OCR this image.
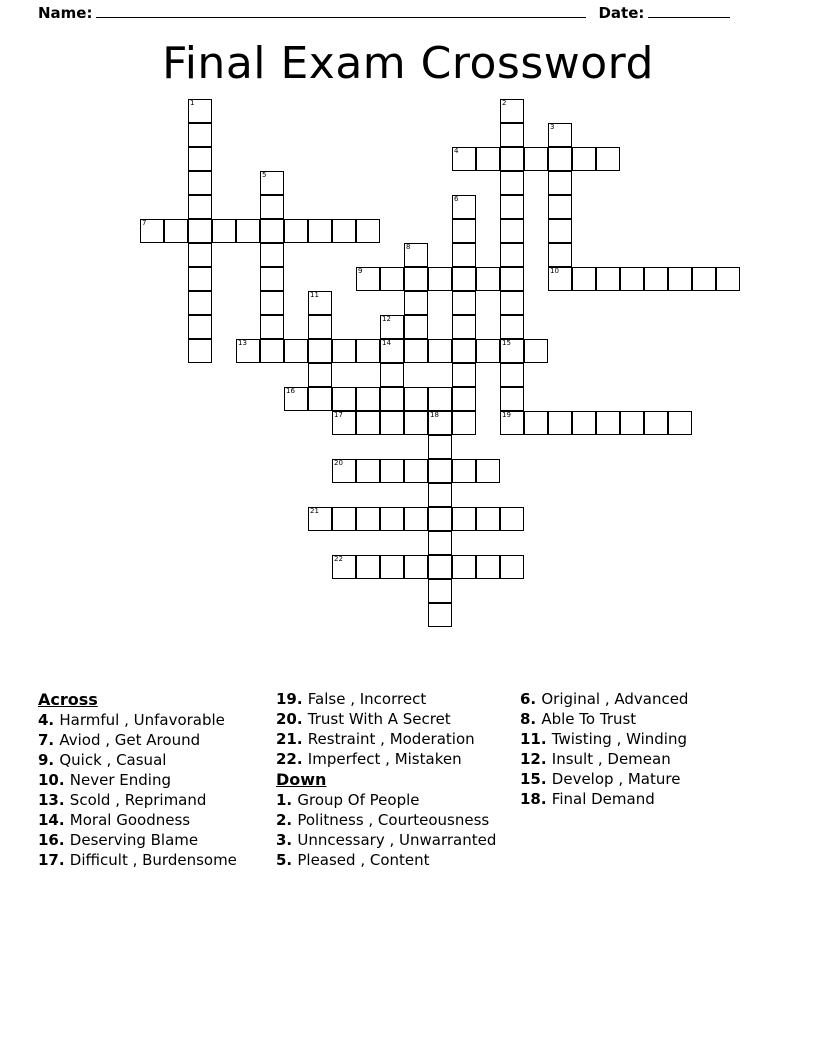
Name:	Date:
Final Exam Crossword
1	2
3
4
5
6
7
8
9	10
11
12
13	14	15
16
17	18	19
20
21
22
Across
4. Harmful , Unfavorable
7. Aviod , Get Around
9. Quick , Casual
10. Never Ending
13. Scold , Reprimand
14. Moral Goodness
16. Deserving Blame
17. Difficult , Burdensome
19. False , Incorrect
20. Trust With A Secret
21. Restraint , Moderation
22. Imperfect , Mistaken
Down
1. Group Of People
2. Politness , Courteousness
3. Unncessary , Unwarranted
5. Pleased , Content
6. Original , Advanced
8. Able To Trust
11. Twisting , Winding
12. Insult , Demean
15. Develop , Mature
18. Final Demand
